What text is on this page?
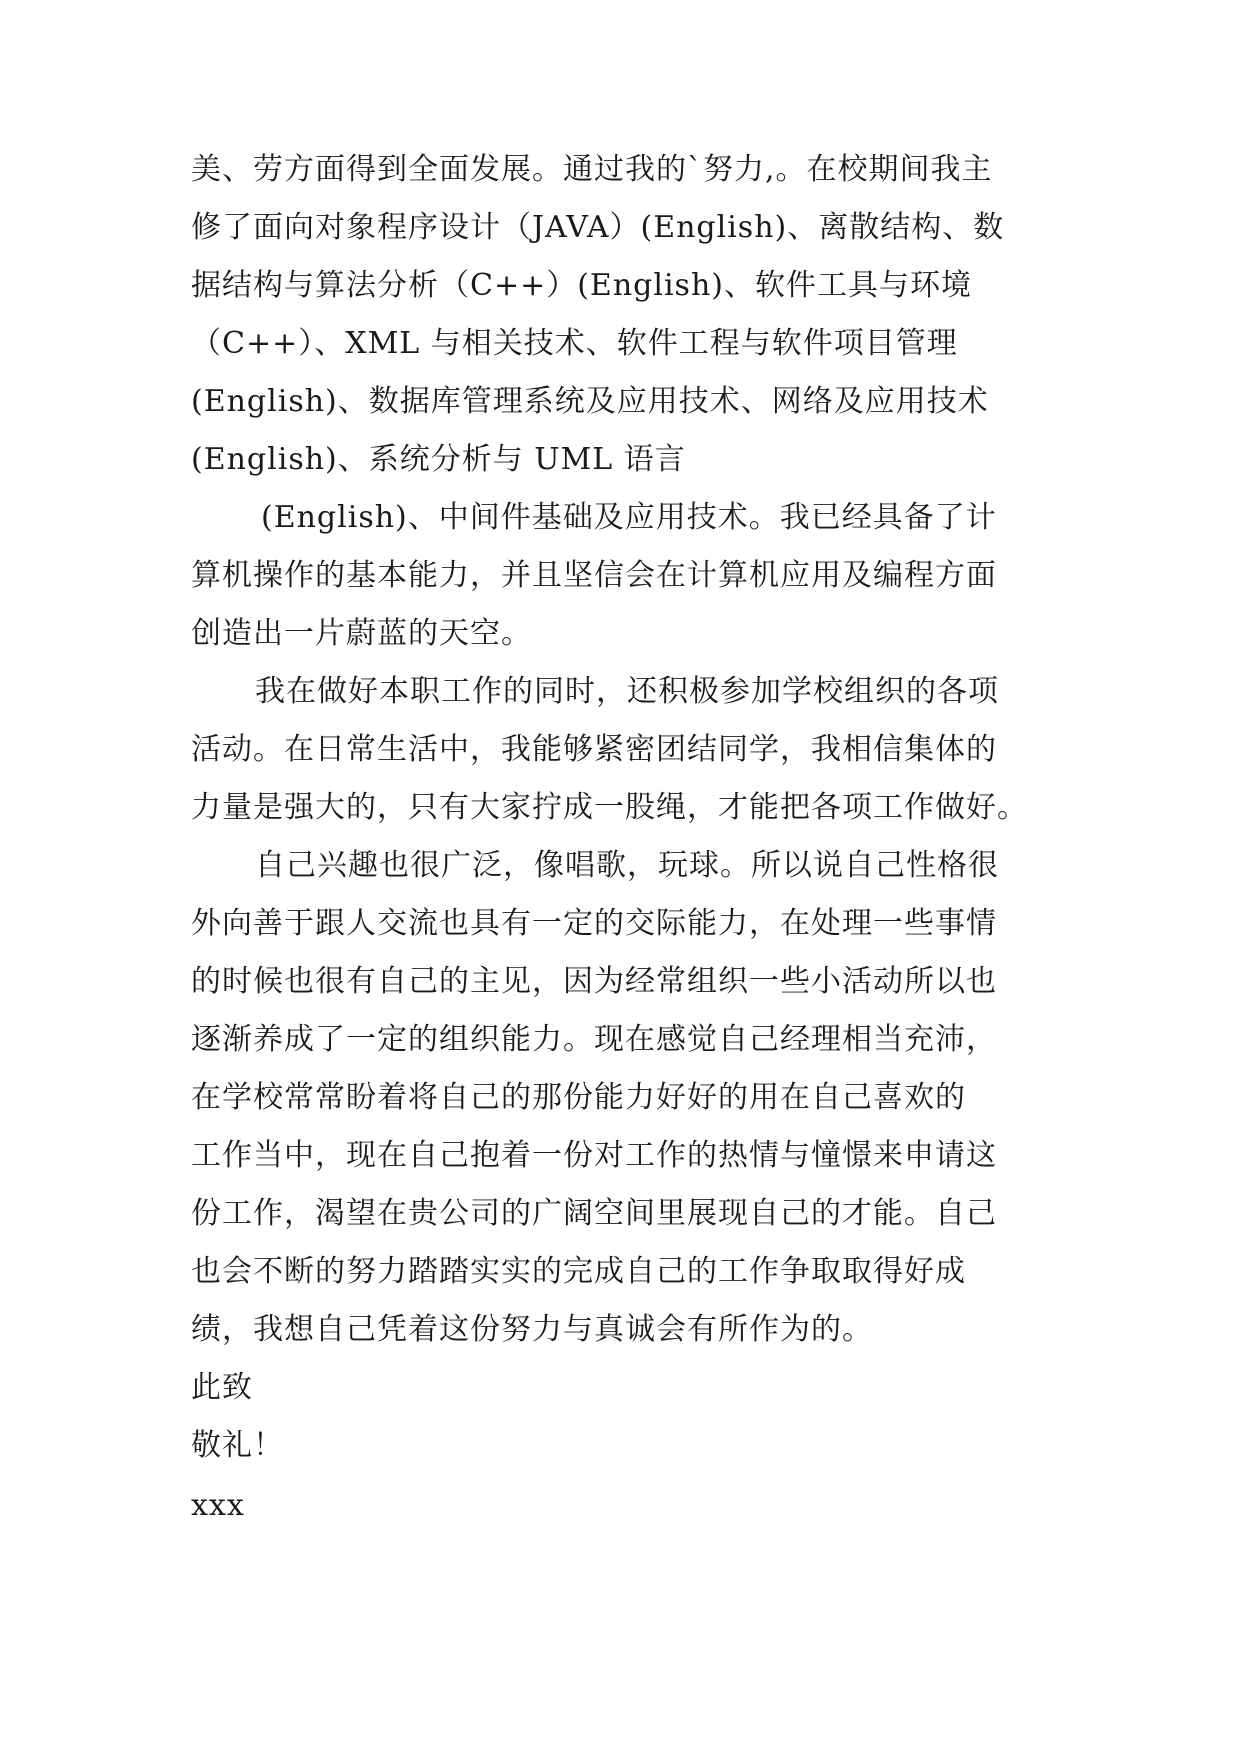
美、劳方面得到全面发展。通过我的`努力,。在校期间我主
修了面向对象程序设计（JAVA）(English)、离散结构、数
据结构与算法分析（C++）(English)、软件工具与环境
（C++）、XML 与相关技术、软件工程与软件项目管理
(English)、数据库管理系统及应用技术、网络及应用技术
(English)、系统分析与 UML 语言
(English)、中间件基础及应用技术。我已经具备了计
算机操作的基本能力，并且坚信会在计算机应用及编程方面
创造出一片蔚蓝的天空。
我在做好本职工作的同时，还积极参加学校组织的各项
活动。在日常生活中，我能够紧密团结同学，我相信集体的
力量是强大的，只有大家拧成一股绳，才能把各项工作做好。
自己兴趣也很广泛，像唱歌，玩球。所以说自己性格很
外向善于跟人交流也具有一定的交际能力，在处理一些事情
的时候也很有自己的主见，因为经常组织一些小活动所以也
逐渐养成了一定的组织能力。现在感觉自己经理相当充沛，
在学校常常盼着将自己的那份能力好好的用在自己喜欢的
工作当中，现在自己抱着一份对工作的热情与憧憬来申请这
份工作，渴望在贵公司的广阔空间里展现自己的才能。自己
也会不断的努力踏踏实实的完成自己的工作争取取得好成
绩，我想自己凭着这份努力与真诚会有所作为的。
此致
敬礼！
xxx
